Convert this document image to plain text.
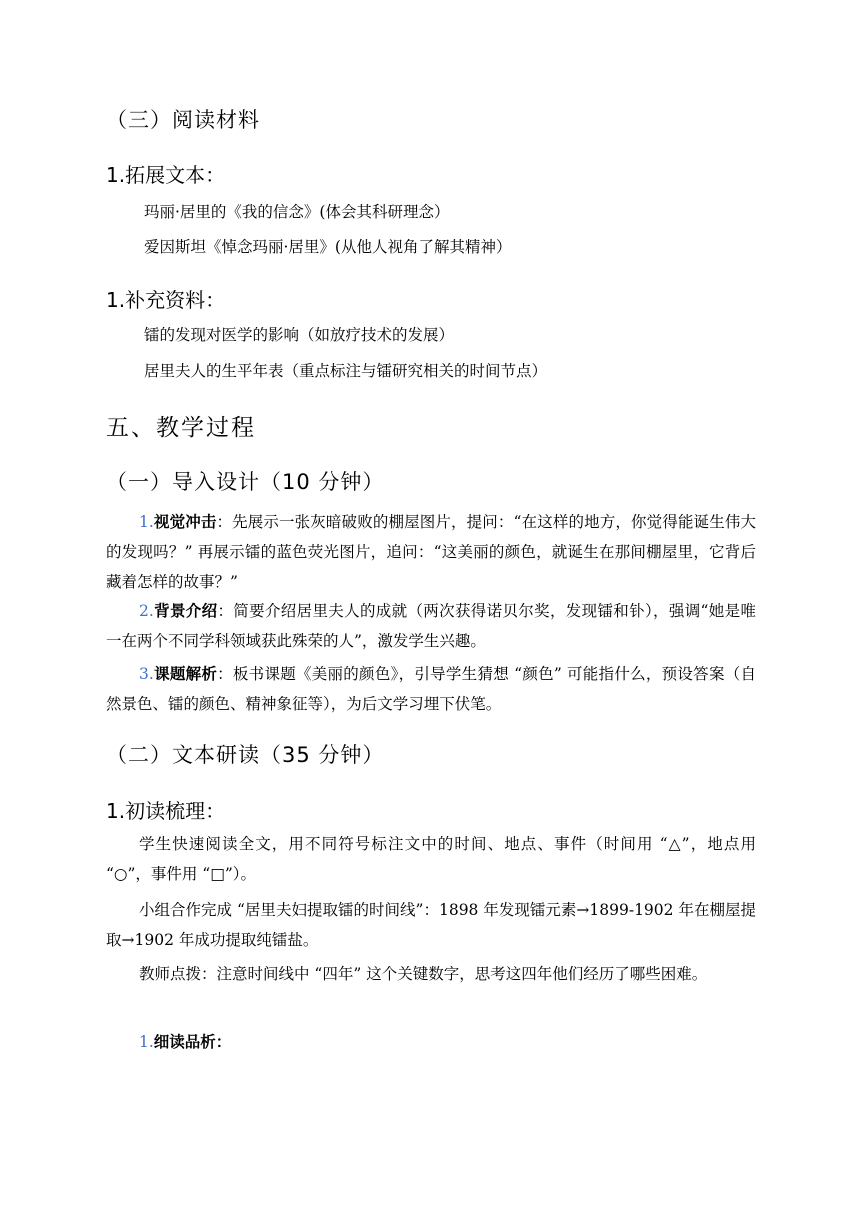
（三）阅读材料
1.拓展文本：
玛丽·居里的《我的信念》(体会其科研理念）
爱因斯坦《悼念玛丽·居里》(从他人视角了解其精神）
1.补充资料：
镭的发现对医学的影响（如放疗技术的发展）
居里夫人的生平年表（重点标注与镭研究相关的时间节点）
五、教学过程
（一）导入设计（10 分钟）
1.视觉冲击：先展示一张灰暗破败的棚屋图片，提问：“在这样的地方，你觉得能诞生伟大的发现吗？” 再展示镭的蓝色荧光图片，追问：“这美丽的颜色，就诞生在那间棚屋里，它背后藏着怎样的故事？”
2.背景介绍：简要介绍居里夫人的成就（两次获得诺贝尔奖，发现镭和钋），强调“她是唯一在两个不同学科领域获此殊荣的人”，激发学生兴趣。
3.课题解析：板书课题《美丽的颜色》，引导学生猜想 “颜色” 可能指什么，预设答案（自然景色、镭的颜色、精神象征等），为后文学习埋下伏笔。
（二）文本研读（35 分钟）
1.初读梳理：
学生快速阅读全文，用不同符号标注文中的时间、地点、事件（时间用 “△”，地点用 “○”，事件用 “□”）。
小组合作完成 “居里夫妇提取镭的时间线”：1898 年发现镭元素→1899-1902 年在棚屋提取→1902 年成功提取纯镭盐。
教师点拨：注意时间线中 “四年” 这个关键数字，思考这四年他们经历了哪些困难。
1.细读品析：
